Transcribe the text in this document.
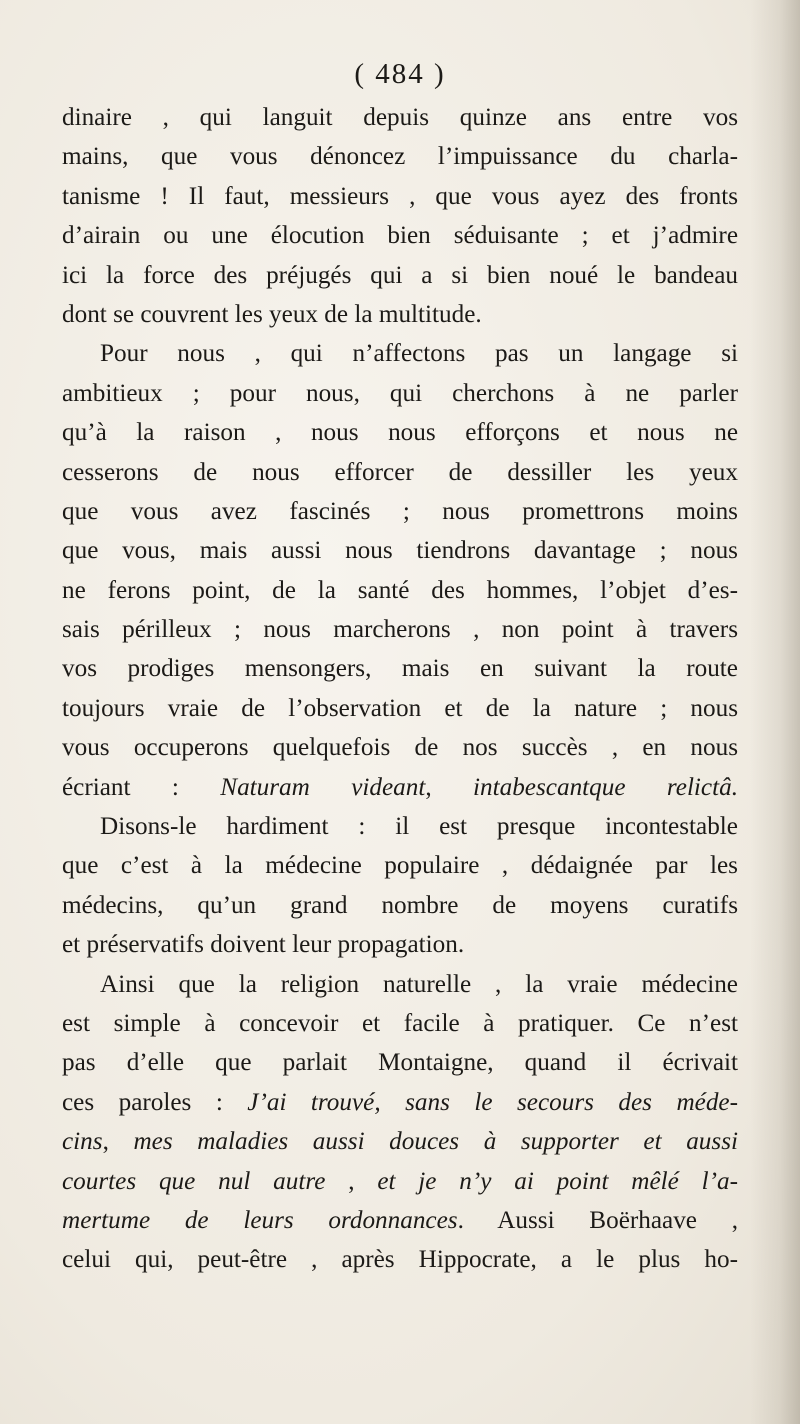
( 484 )
dinaire , qui languit depuis quinze ans entre vos
mains, que vous dénoncez l’impuissance du charla-
tanisme ! Il faut, messieurs , que vous ayez des fronts
d’airain ou une élocution bien séduisante ; et j’admire
ici la force des préjugés qui a si bien noué le bandeau
dont se couvrent les yeux de la multitude.
Pour nous , qui n’affectons pas un langage si
ambitieux ; pour nous, qui cherchons à ne parler
qu’à la raison , nous nous efforçons et nous ne
cesserons de nous efforcer de dessiller les yeux
que vous avez fascinés ; nous promettrons moins
que vous, mais aussi nous tiendrons davantage ; nous
ne ferons point, de la santé des hommes, l’objet d’es-
sais périlleux ; nous marcherons , non point à travers
vos prodiges mensongers, mais en suivant la route
toujours vraie de l’observation et de la nature ; nous
vous occuperons quelquefois de nos succès , en nous
écriant : Naturam videant, intabescantque relictâ.
Disons-le hardiment : il est presque incontestable
que c’est à la médecine populaire , dédaignée par les
médecins, qu’un grand nombre de moyens curatifs
et préservatifs doivent leur propagation.
Ainsi que la religion naturelle , la vraie médecine
est simple à concevoir et facile à pratiquer. Ce n’est
pas d’elle que parlait Montaigne, quand il écrivait
ces paroles : J’ai trouvé, sans le secours des méde-
cins, mes maladies aussi douces à supporter et aussi
courtes que nul autre , et je n’y ai point mêlé l’a-
mertume de leurs ordonnances. Aussi Boërhaave ,
celui qui, peut-être , après Hippocrate, a le plus ho-
